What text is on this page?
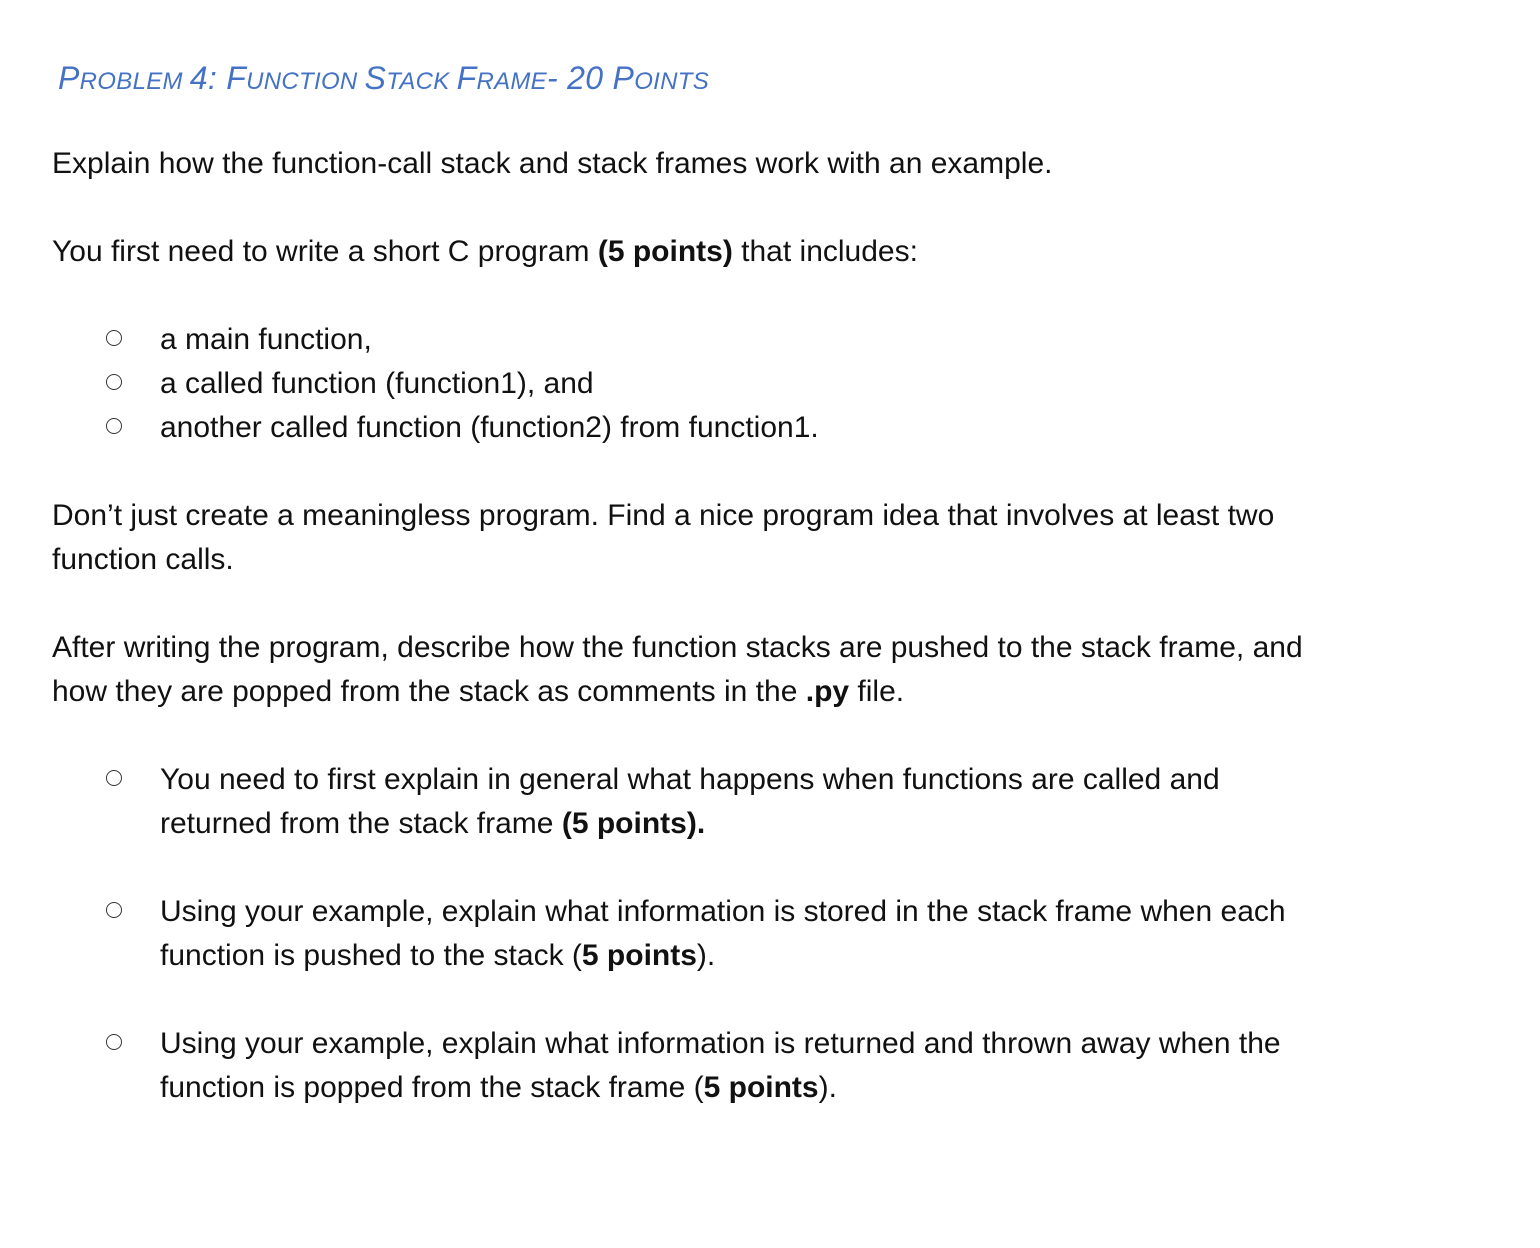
PROBLEM 4: FUNCTION STACK FRAME- 20 POINTS

Explain how the function-call stack and stack frames work with an example.

You first need to write a short C program (5 points) that includes:

a main function,
a called function (function1), and
another called function (function2) from function1.

Don’t just create a meaningless program. Find a nice program idea that involves at least two
function calls.

After writing the program, describe how the function stacks are pushed to the stack frame, and
how they are popped from the stack as comments in the .py file.

You need to first explain in general what happens when functions are called and
returned from the stack frame (5 points).
Using your example, explain what information is stored in the stack frame when each
function is pushed to the stack (5 points).
Using your example, explain what information is returned and thrown away when the
function is popped from the stack frame (5 points).
